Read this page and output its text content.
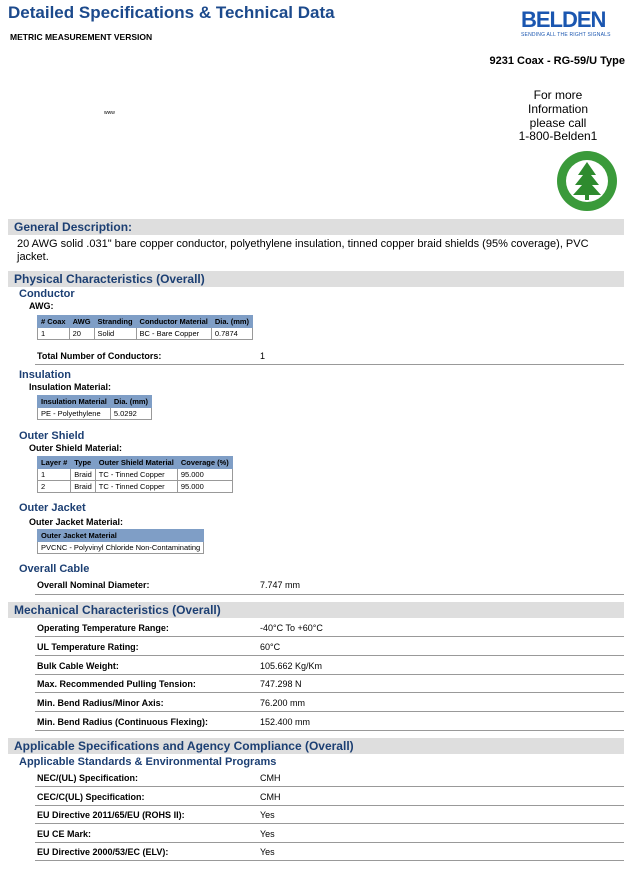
Detailed Specifications & Technical Data
METRIC MEASUREMENT VERSION
www
BELDEN
SENDING ALL THE RIGHT SIGNALS
9231 Coax - RG-59/U Type
For more Information
please call
1-800-Belden1
General Description:
20 AWG solid .031" bare copper conductor, polyethylene insulation, tinned copper braid shields (95% coverage), PVC jacket.
Physical Characteristics (Overall)
Conductor
AWG:
# Coax	AWG	Stranding	Conductor Material	Dia. (mm)
1	20	Solid	BC - Bare Copper	0.7874
Total Number of Conductors:	1
Insulation
Insulation Material:
Insulation Material	Dia. (mm)
PE - Polyethylene	5.0292
Outer Shield
Outer Shield Material:
Layer #	Type	Outer Shield Material	Coverage (%)
1	Braid	TC - Tinned Copper	95.000
2	Braid	TC - Tinned Copper	95.000
Outer Jacket
Outer Jacket Material:
Outer Jacket Material
PVCNC - Polyvinyl Chloride Non-Contaminating
Overall Cable
Overall Nominal Diameter:	7.747 mm
Mechanical Characteristics (Overall)
Operating Temperature Range:	-40°C To +60°C
UL Temperature Rating:	60°C
Bulk Cable Weight:	105.662 Kg/Km
Max. Recommended Pulling Tension:	747.298 N
Min. Bend Radius/Minor Axis:	76.200 mm
Min. Bend Radius (Continuous Flexing):	152.400 mm
Applicable Specifications and Agency Compliance (Overall)
Applicable Standards & Environmental Programs
NEC/(UL) Specification:	CMH
CEC/C(UL) Specification:	CMH
EU Directive 2011/65/EU (ROHS II):	Yes
EU CE Mark:	Yes
EU Directive 2000/53/EC (ELV):	Yes
